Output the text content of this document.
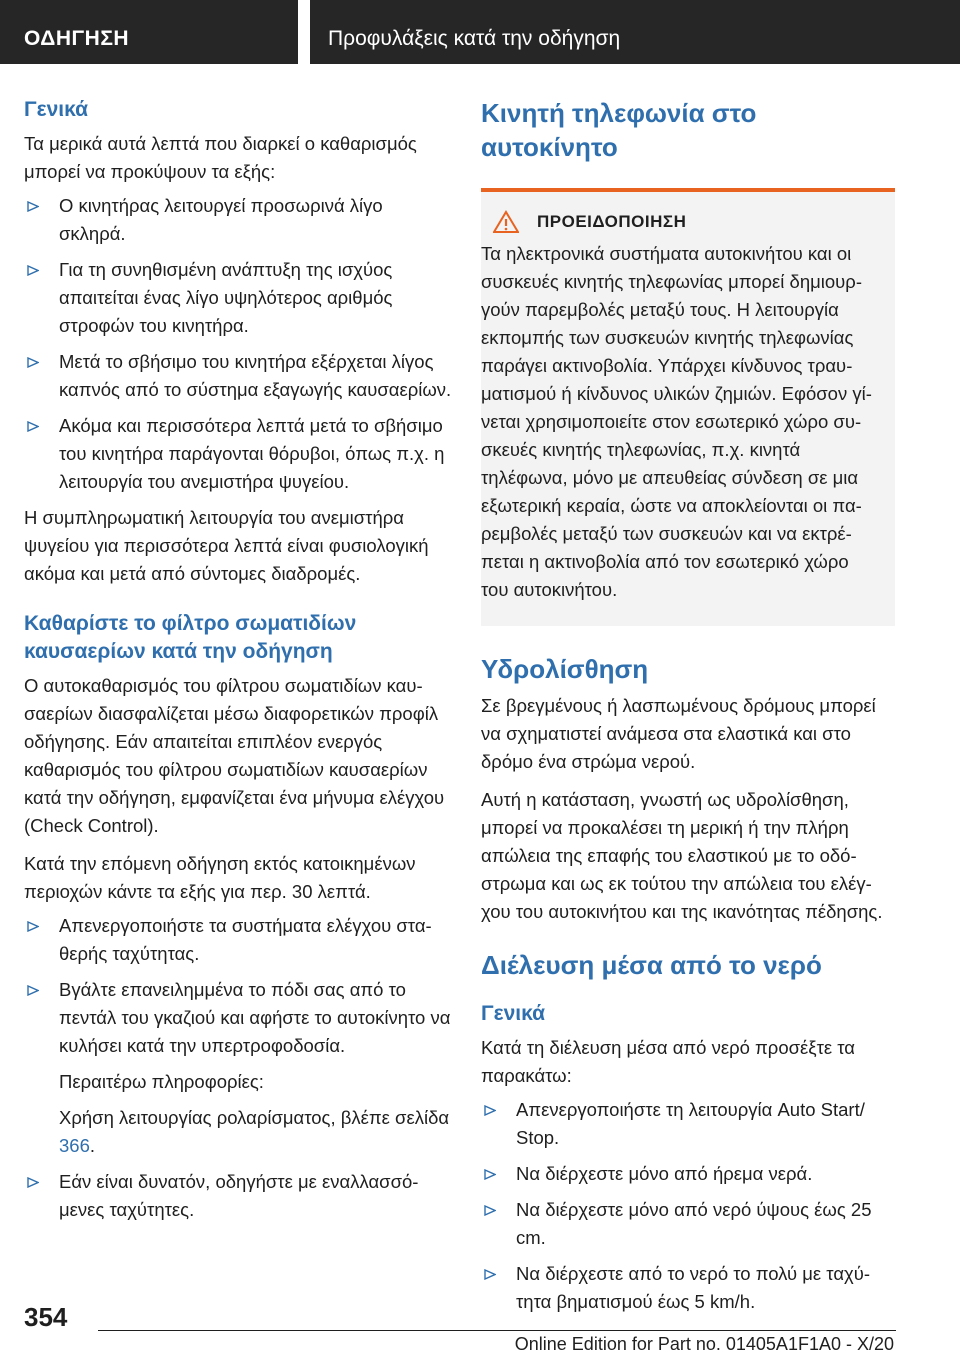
ΟΔΗΓΗΣΗ	Προφυλάξεις κατά την οδήγηση
Γενικά

Τα μερικά αυτά λεπτά που διαρκεί ο καθαρισμός μπορεί να προκύψουν τα εξής:

Ο κινητήρας λειτουργεί προσωρινά λίγο σκληρά.
Για τη συνηθισμένη ανάπτυξη της ισχύος απαιτείται ένας λίγο υψηλότερος αριθμός στροφών του κινητήρα.
Μετά το σβήσιμο του κινητήρα εξέρχεται λίγος καπνός από το σύστημα εξαγωγής καυσαερίων.
Ακόμα και περισσότερα λεπτά μετά το σβήσιμο του κινητήρα παράγονται θόρυβοι, όπως π.χ. η λειτουργία του ανεμιστήρα ψυγείου.

Η συμπληρωματική λειτουργία του ανεμιστήρα ψυγείου για περισσότερα λεπτά είναι φυσιολογική ακόμα και μετά από σύντομες διαδρομές.

Καθαρίστε το φίλτρο σωματιδίων καυσαερίων κατά την οδήγηση

Ο αυτοκαθαρισμός του φίλτρου σωματιδίων καυσαερίων διασφαλίζεται μέσω διαφορετικών προφίλ οδήγησης. Εάν απαιτείται επιπλέον ενεργός καθαρισμός του φίλτρου σωματιδίων καυσαερίων κατά την οδήγηση, εμφανίζεται ένα μήνυμα ελέγχου (Check Control).

Κατά την επόμενη οδήγηση εκτός κατοικημένων περιοχών κάντε τα εξής για περ. 30 λεπτά.

Απενεργοποιήστε τα συστήματα ελέγχου σταθερής ταχύτητας.
Βγάλτε επανειλημμένα το πόδι σας από το πεντάλ του γκαζιού και αφήστε το αυτοκίνητο να κυλήσει κατά την υπερτροφοδοσία.

Περαιτέρω πληροφορίες:

Χρήση λειτουργίας ρολαρίσματος, βλέπε σελίδα 366.

Εάν είναι δυνατόν, οδηγήστε με εναλλασσόμενες ταχύτητες.
Κινητή τηλεφωνία στο αυτοκίνητο
ΠΡΟΕΙΔΟΠΟΙΗΣΗ

Τα ηλεκτρονικά συστήματα αυτοκινήτου και οι συσκευές κινητής τηλεφωνίας μπορεί δημιουργούν παρεμβολές μεταξύ τους. Η λειτουργία εκπομπής των συσκευών κινητής τηλεφωνίας παράγει ακτινοβολία. Υπάρχει κίνδυνος τραυματισμού ή κίνδυνος υλικών ζημιών. Εφόσον γίνεται χρησιμοποιείτε στον εσωτερικό χώρο συσκευές κινητής τηλεφωνίας, π.χ. κινητά τηλέφωνα, μόνο με απευθείας σύνδεση σε μια εξωτερική κεραία, ώστε να αποκλείονται οι παρεμβολές μεταξύ των συσκευών και να εκτρέπεται η ακτινοβολία από τον εσωτερικό χώρο του αυτοκινήτου.

Υδρολίσθηση

Σε βρεγμένους ή λασπωμένους δρόμους μπορεί να σχηματιστεί ανάμεσα στα ελαστικά και στο δρόμο ένα στρώμα νερού.

Αυτή η κατάσταση, γνωστή ως υδρολίσθηση, μπορεί να προκαλέσει τη μερική ή την πλήρη απώλεια της επαφής του ελαστικού με το οδόστρωμα και ως εκ τούτου την απώλεια του ελέγχου του αυτοκινήτου και της ικανότητας πέδησης.

Διέλευση μέσα από το νερό
Γενικά

Κατά τη διέλευση μέσα από νερό προσέξτε τα παρακάτω:

Απενεργοποιήστε τη λειτουργία Auto Start/ Stop.
Να διέρχεστε μόνο από ήρεμα νερά.
Να διέρχεστε μόνο από νερό ύψους έως 25 cm.
Να διέρχεστε από το νερό το πολύ με ταχύτητα βηματισμού έως 5 km/h.
354
Online Edition for Part no. 01405A1F1A0 - X/20
